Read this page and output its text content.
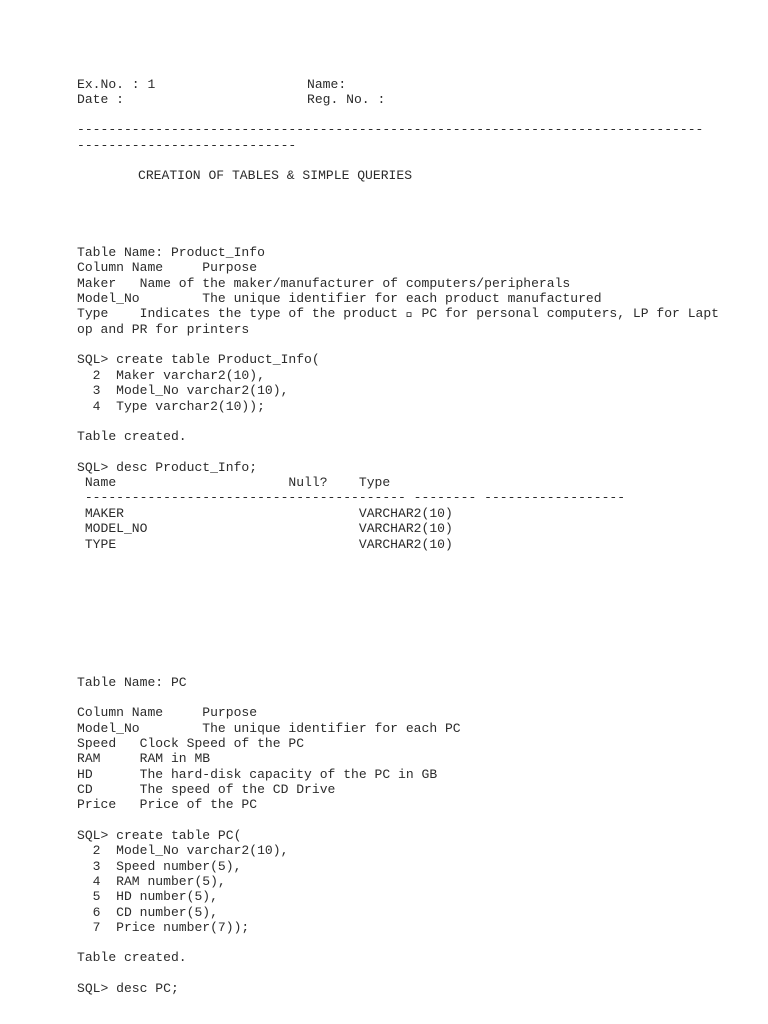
Ex.No. : 1	Name:
Date :	Reg. No. :
--------------------------------------------------------------------------------
----------------------------
CREATION OF TABLES & SIMPLE QUERIES
Table Name: Product_Info
Column Name     Purpose
Maker   Name of the maker/manufacturer of computers/peripherals
Model_No        The unique identifier for each product manufactured
Type    Indicates the type of the product   PC for personal computers, LP for Lapt
op and PR for printers
SQL> create table Product_Info(
2  Maker varchar2(10),
3  Model_No varchar2(10),
4  Type varchar2(10));
Table created.
SQL> desc Product_Info;
Name                      Null?    Type
----------------------------------------- -------- ------------------
MAKER                              VARCHAR2(10)
MODEL_NO                           VARCHAR2(10)
TYPE                               VARCHAR2(10)
Table Name: PC
Column Name     Purpose
Model_No        The unique identifier for each PC
Speed   Clock Speed of the PC
RAM     RAM in MB
HD      The hard-disk capacity of the PC in GB
CD      The speed of the CD Drive
Price   Price of the PC
SQL> create table PC(
2  Model_No varchar2(10),
3  Speed number(5),
4  RAM number(5),
5  HD number(5),
6  CD number(5),
7  Price number(7));
Table created.
SQL> desc PC;
